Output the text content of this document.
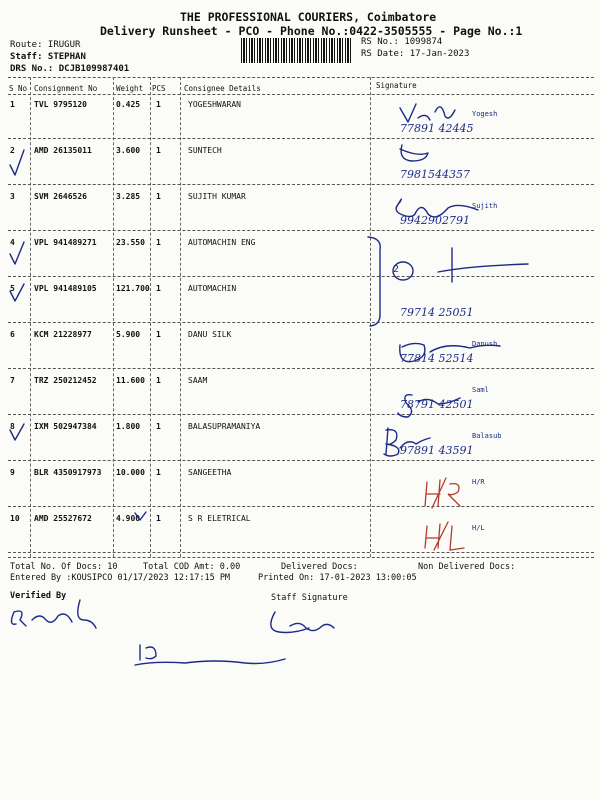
THE PROFESSIONAL COURIERS, Coimbatore
Delivery Runsheet - PCO - Phone No.:0422-3505555 - Page No.:1
Route: IRUGUR
Staff: STEPHAN
DRS No.: DCJB109987401
RS No.: 1099874
RS Date: 17-Jan-2023
S No Consignment No	Weight PCS Consignee Details	Signature
1 TVL 9795120	0.425 1	YOGESHWARAN
Yogesh
77891 42445
2 AMD 26135011	3.600 1	SUNTECH
7981544357
3 SVM 2646526	3.285 1	SUJITH KUMAR
Sujith
9942902791
4 VPL 941489271 23.550 1	AUTOMACHIN ENG
5 VPL 941489105 121.700 1	AUTOMACHIN
79714 25051
6 KCM 21228977	5.900 1	DANU SILK
Danush
77814 52514
7 TRZ 250212452 11.600 1	SAAM
Saml
78791 42501
8 IXM 502947384 1.800 1	BALASUPRAMANIYA
Balasub
97891 43591
9 BLR 4350917973 10.000 1	SANGEETHA
H/R
10 AMD 25527672	4.900 1	S R ELETRICAL
H/L
2
Total No. Of Docs: 10	Total COD Amt: 0.00	Delivered Docs:	Non Delivered Docs:
Entered By :KOUSIPCO 01/17/2023 12:17:15 PM	Printed On: 17-01-2023 13:00:05
Verified By	Staff Signature
